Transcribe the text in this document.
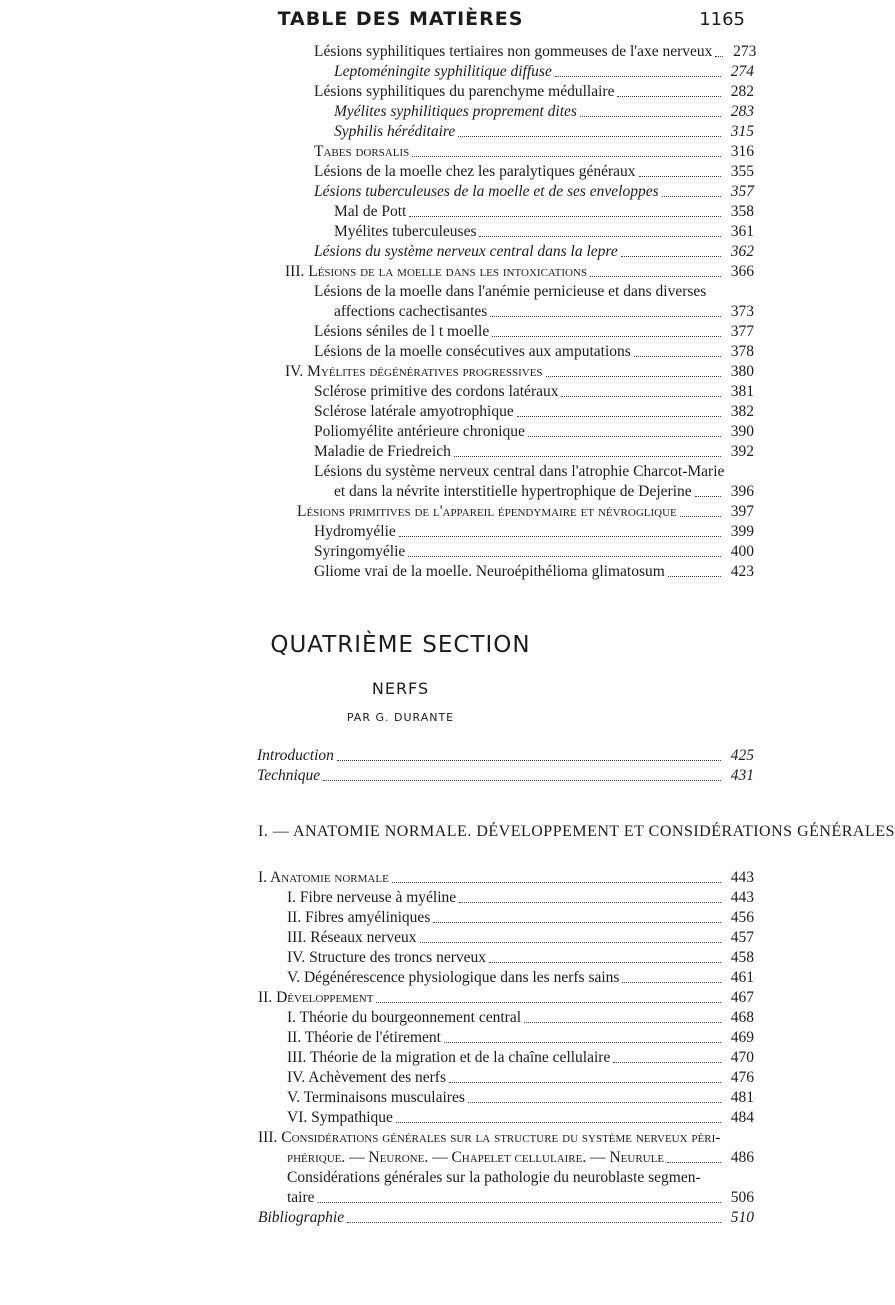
TABLE DES MATIÈRES	1165
Lésions syphilitiques tertiaires non gommeuses de l'axe nerveux	273
Leptoméningite syphilitique diffuse	274
Lésions syphilitiques du parenchyme médullaire	282
Myélites syphilitiques proprement dites	283
Syphilis héréditaire	315
Tabes dorsalis	316
Lésions de la moelle chez les paralytiques généraux	355
Lésions tuberculeuses de la moelle et de ses enveloppes	357
Mal de Pott	358
Myélites tuberculeuses	361
Lésions du système nerveux central dans la lepre	362
III. Lésions de la moelle dans les intoxications	366
Lésions de la moelle dans l'anémie pernicieuse et dans diverses
affections cachectisantes	373
Lésions séniles de l t moelle	377
Lésions de la moelle consécutives aux amputations	378
IV. Myélites dégénératives progressives	380
Sclérose primitive des cordons latéraux	381
Sclérose latérale amyotrophique	382
Poliomyélite antérieure chronique	390
Maladie de Friedreich	392
Lésions du système nerveux central dans l'atrophie Charcot-Marie
et dans la névrite interstitielle hypertrophique de Dejerine	396
Lésions primitives de l'appareil épendymaire et névroglique	397
Hydromyélie	399
Syringomyélie	400
Gliome vrai de la moelle. Neuroépithélioma glimatosum	423
QUATRIÈME SECTION
NERFS
PAR G. DURANTE
Introduction	425
Technique	431
I. — ANATOMIE NORMALE. DÉVELOPPEMENT ET CONSIDÉRATIONS GÉNÉRALES
I. Anatomie normale	443
I. Fibre nerveuse à myéline	443
II. Fibres amyéliniques	456
III. Réseaux nerveux	457
IV. Structure des troncs nerveux	458
V. Dégénérescence physiologique dans les nerfs sains	461
II. Développement	467
I. Théorie du bourgeonnement central	468
II. Théorie de l'étirement	469
III. Théorie de la migration et de la chaîne cellulaire	470
IV. Achèvement des nerfs	476
V. Terminaisons musculaires	481
VI. Sympathique	484
III. Considérations générales sur la structure du système nerveux péri-
phérique. — Neurone. — Chapelet cellulaire. — Neurule	486
Considérations générales sur la pathologie du neuroblaste segmen-
taire	506
Bibliographie	510
